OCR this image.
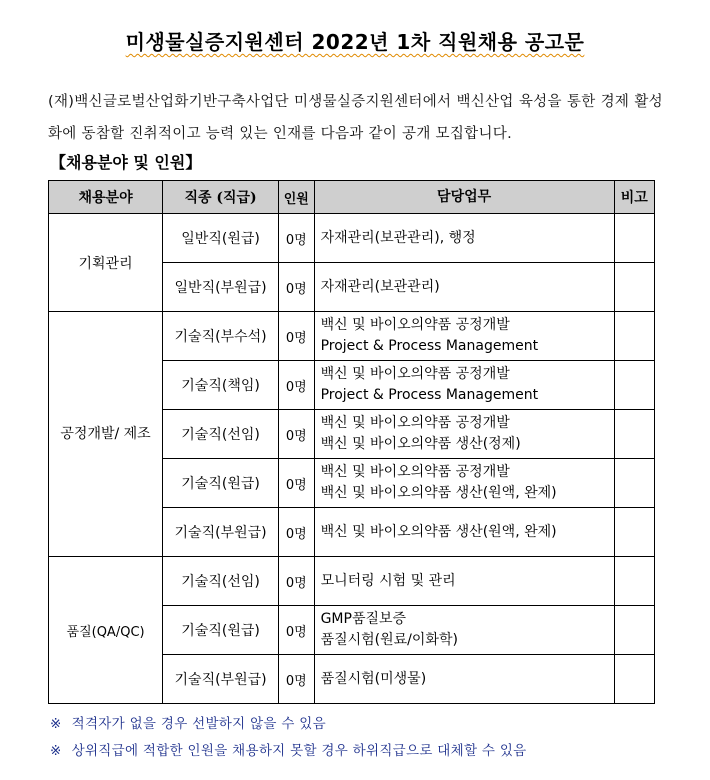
미생물실증지원센터 2022년 1차 직원채용 공고문
(재)백신글로벌산업화기반구축사업단 미생물실증지원센터에서 백신산업 육성을 통한 경제 활성화에 동참할 진취적이고 능력 있는 인재를 다음과 같이 공개 모집합니다.
【채용분야 및 인원】
채용분야	직종 (직급)	인원	담당업무	비고
기획관리	일반직(원급)	0명	자재관리(보관관리), 행정	

	일반직(부원급)	0명	자재관리(보관관리)	

공정개발/ 제조	기술직(부수석)	0명	백신 및 바이오의약품 공정개발
Project & Process Management	

	기술직(책임)	0명	백신 및 바이오의약품 공정개발
Project & Process Management	

	기술직(선임)	0명	백신 및 바이오의약품 공정개발
백신 및 바이오의약품 생산(정제)	

	기술직(원급)	0명	백신 및 바이오의약품 공정개발
백신 및 바이오의약품 생산(원액, 완제)	

	기술직(부원급)	0명	백신 및 바이오의약품 생산(원액, 완제)	

품질(QA/QC)	기술직(선임)	0명	모니터링 시험 및 관리	

	기술직(원급)	0명	GMP품질보증
품질시험(원료/이화학)	

	기술직(부원급)	0명	품질시험(미생물)	

※ 적격자가 없을 경우 선발하지 않을 수 있음
※ 상위직급에 적합한 인원을 채용하지 못할 경우 하위직급으로 대체할 수 있음
